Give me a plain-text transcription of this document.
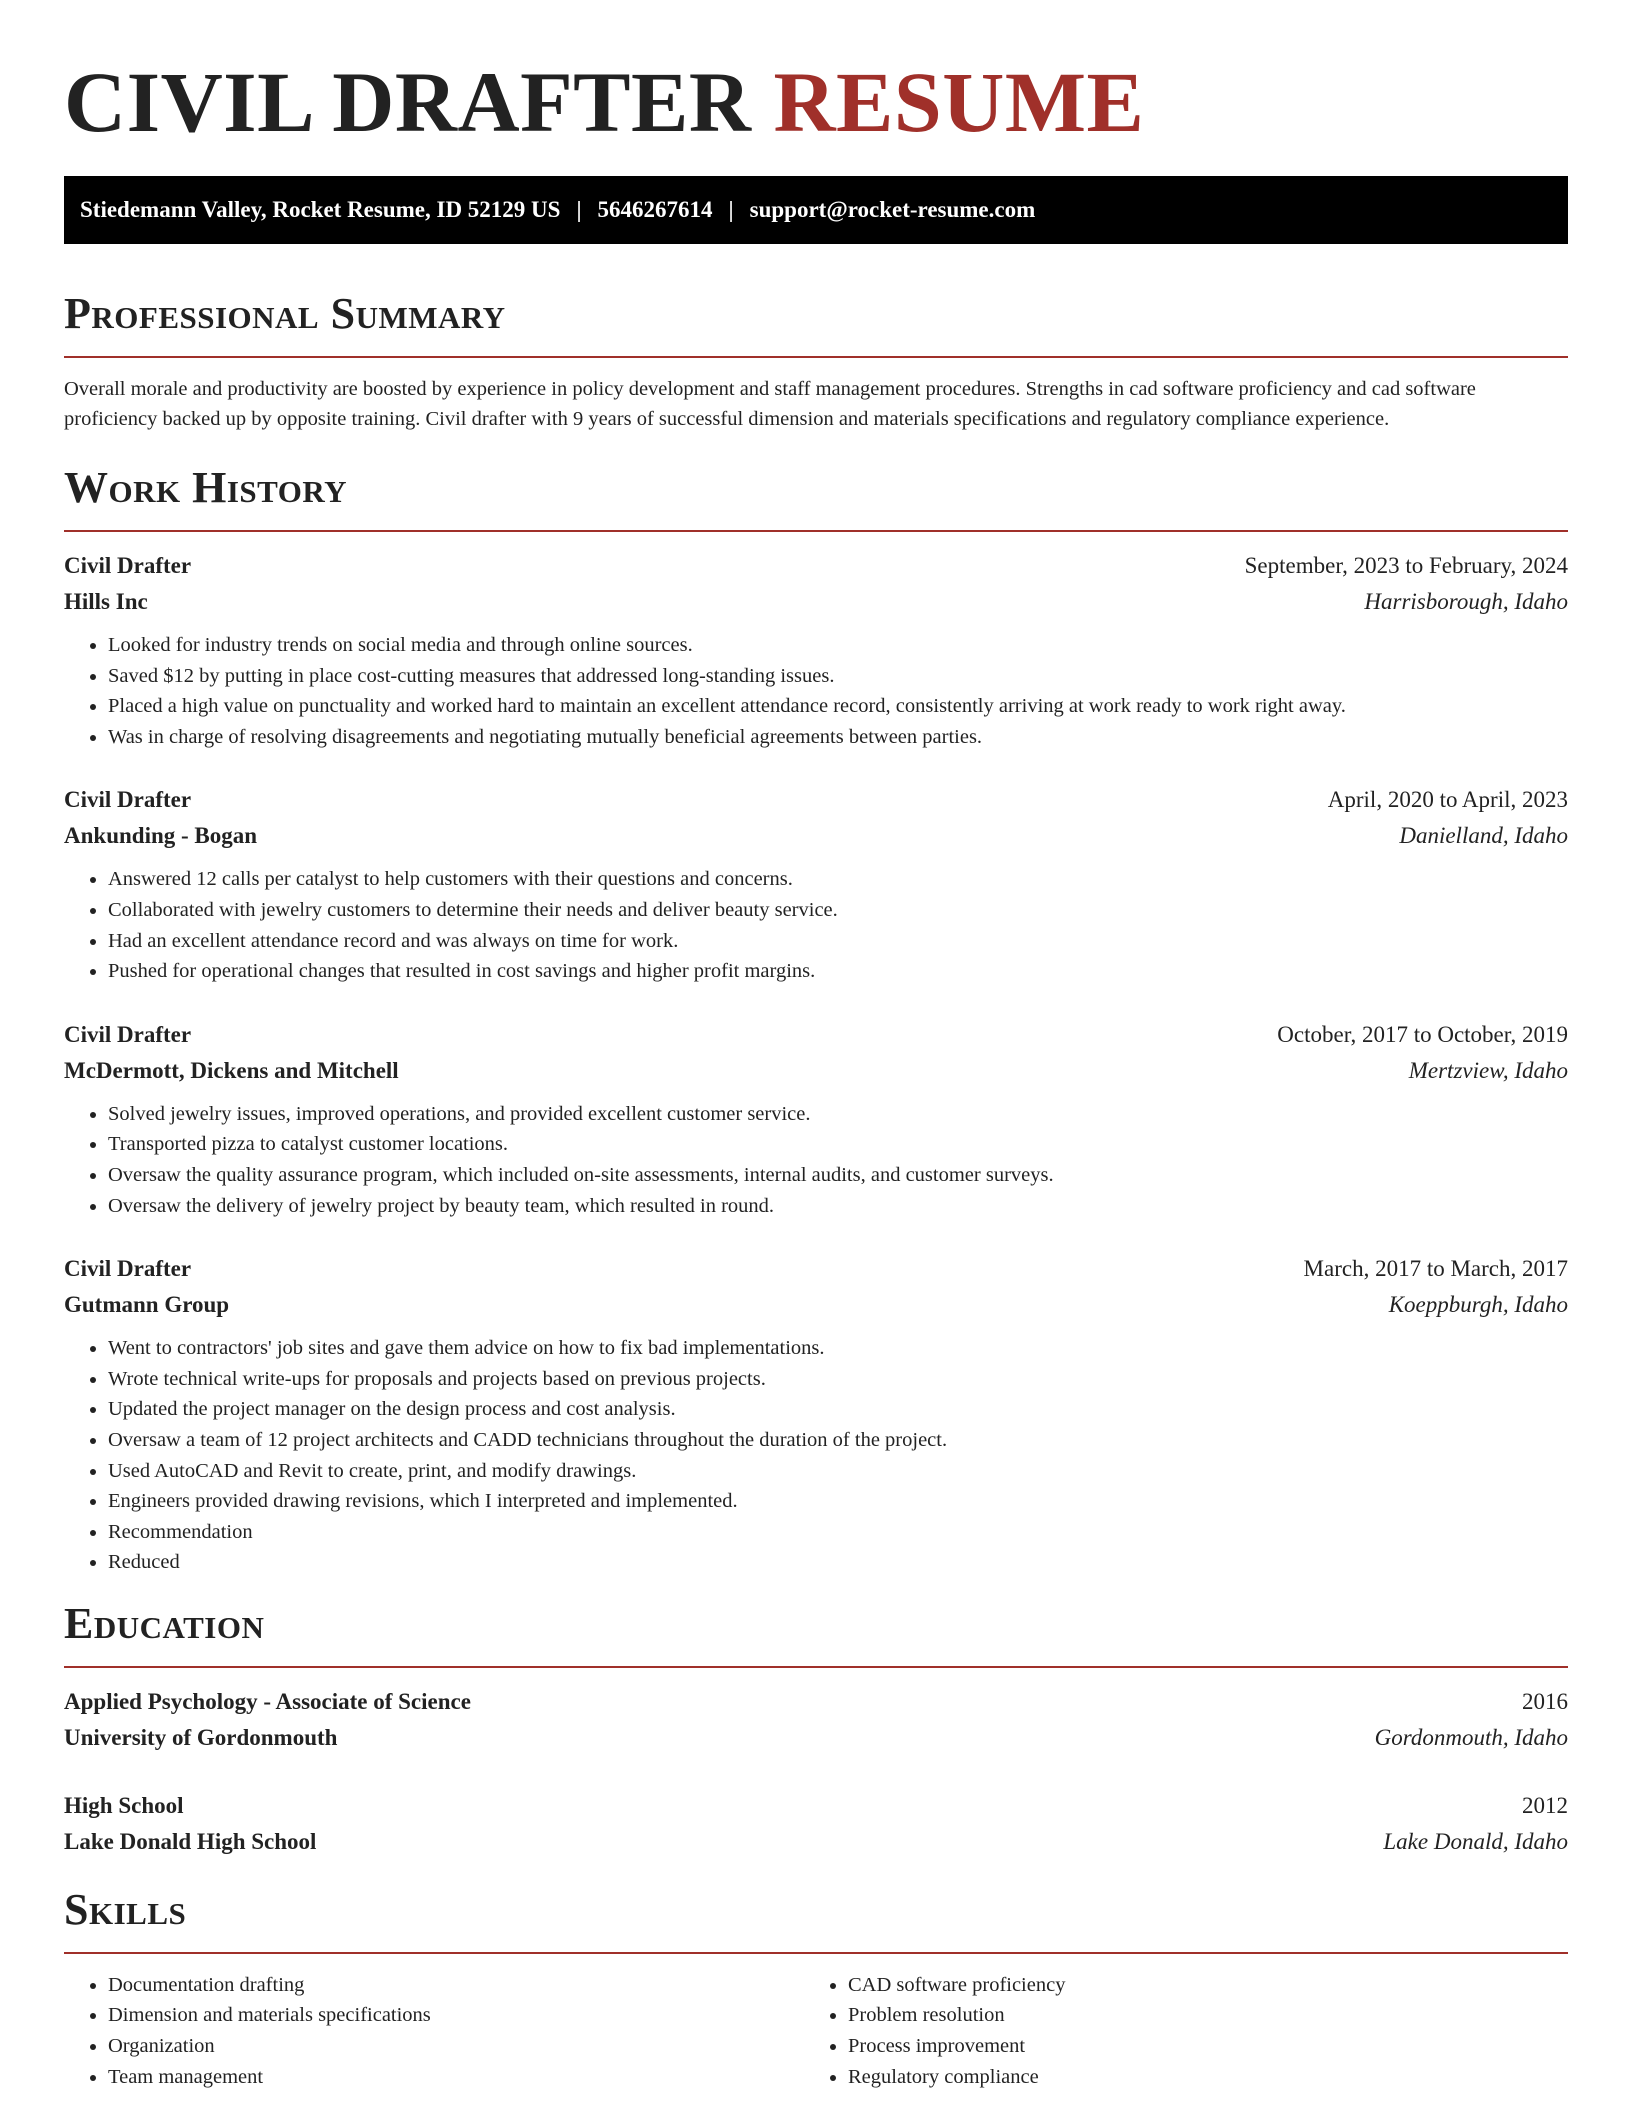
CIVIL DRAFTER RESUME
Stiedemann Valley, Rocket Resume, ID 52129 US | 5646267614 | support@rocket-resume.com
Professional Summary

Overall morale and productivity are boosted by experience in policy development and staff management procedures. Strengths in cad software proficiency and cad software proficiency backed up by opposite training. Civil drafter with 9 years of successful dimension and materials specifications and regulatory compliance experience.

Work History
Civil Drafter	September, 2023 to February, 2024
Hills Inc	Harrisborough, Idaho
• Looked for industry trends on social media and through online sources.
• Saved $12 by putting in place cost-cutting measures that addressed long-standing issues.
• Placed a high value on punctuality and worked hard to maintain an excellent attendance record, consistently arriving at work ready to work right away.
• Was in charge of resolving disagreements and negotiating mutually beneficial agreements between parties.
Civil Drafter	April, 2020 to April, 2023
Ankunding - Bogan	Danielland, Idaho
• Answered 12 calls per catalyst to help customers with their questions and concerns.
• Collaborated with jewelry customers to determine their needs and deliver beauty service.
• Had an excellent attendance record and was always on time for work.
• Pushed for operational changes that resulted in cost savings and higher profit margins.
Civil Drafter	October, 2017 to October, 2019
McDermott, Dickens and Mitchell	Mertzview, Idaho
• Solved jewelry issues, improved operations, and provided excellent customer service.
• Transported pizza to catalyst customer locations.
• Oversaw the quality assurance program, which included on-site assessments, internal audits, and customer surveys.
• Oversaw the delivery of jewelry project by beauty team, which resulted in round.
Civil Drafter	March, 2017 to March, 2017
Gutmann Group	Koeppburgh, Idaho
• Went to contractors' job sites and gave them advice on how to fix bad implementations.
• Wrote technical write-ups for proposals and projects based on previous projects.
• Updated the project manager on the design process and cost analysis.
• Oversaw a team of 12 project architects and CADD technicians throughout the duration of the project.
• Used AutoCAD and Revit to create, print, and modify drawings.
• Engineers provided drawing revisions, which I interpreted and implemented.
• Recommendation
• Reduced
Education
Applied Psychology - Associate of Science	2016
University of Gordonmouth	Gordonmouth, Idaho
High School	2012
Lake Donald High School	Lake Donald, Idaho
Skills
• Documentation drafting
• Dimension and materials specifications
• Organization
• Team management
• CAD software proficiency
• Problem resolution
• Process improvement
• Regulatory compliance
